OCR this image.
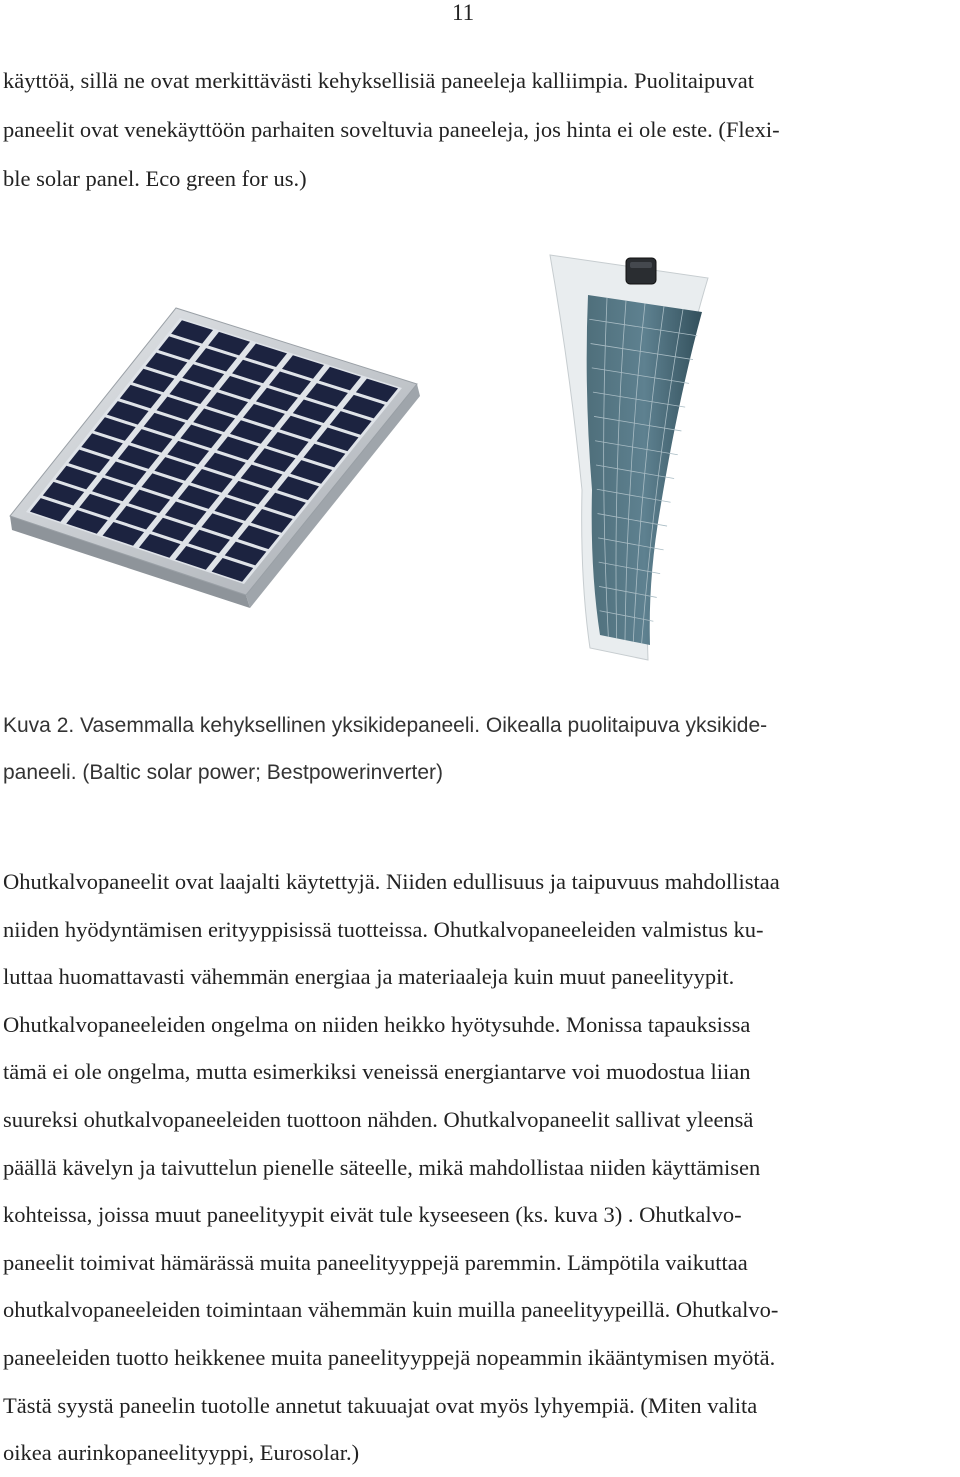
11

käyttöä, sillä ne ovat merkittävästi kehyksellisiä paneeleja kalliimpia. Puolitaipuvat

paneelit ovat venekäyttöön parhaiten soveltuvia paneeleja, jos hinta ei ole este. (Flexi-

ble solar panel. Eco green for us.)

Kuva 2. Vasemmalla kehyksellinen yksikidepaneeli. Oikealla puolitaipuva yksikide-

paneeli. (Baltic solar power; Bestpowerinverter)

Ohutkalvopaneelit ovat laajalti käytettyjä. Niiden edullisuus ja taipuvuus mahdollistaa

niiden hyödyntämisen erityyppisissä tuotteissa. Ohutkalvopaneeleiden valmistus ku-

luttaa huomattavasti vähemmän energiaa ja materiaaleja kuin muut paneelityypit.

Ohutkalvopaneeleiden ongelma on niiden heikko hyötysuhde. Monissa tapauksissa

tämä ei ole ongelma, mutta esimerkiksi veneissä energiantarve voi muodostua liian

suureksi ohutkalvopaneeleiden tuottoon nähden. Ohutkalvopaneelit sallivat yleensä

päällä kävelyn ja taivuttelun pienelle säteelle, mikä mahdollistaa niiden käyttämisen

kohteissa, joissa muut paneelityypit eivät tule kyseeseen (ks. kuva 3) . Ohutkalvo-

paneelit toimivat hämärässä muita paneelityyppejä paremmin. Lämpötila vaikuttaa

ohutkalvopaneeleiden toimintaan vähemmän kuin muilla paneelityypeillä. Ohutkalvo-

paneeleiden tuotto heikkenee muita paneelityyppejä nopeammin ikääntymisen myötä.

Tästä syystä paneelin tuotolle annetut takuuajat ovat myös lyhyempiä. (Miten valita

oikea aurinkopaneelityyppi, Eurosolar.)
